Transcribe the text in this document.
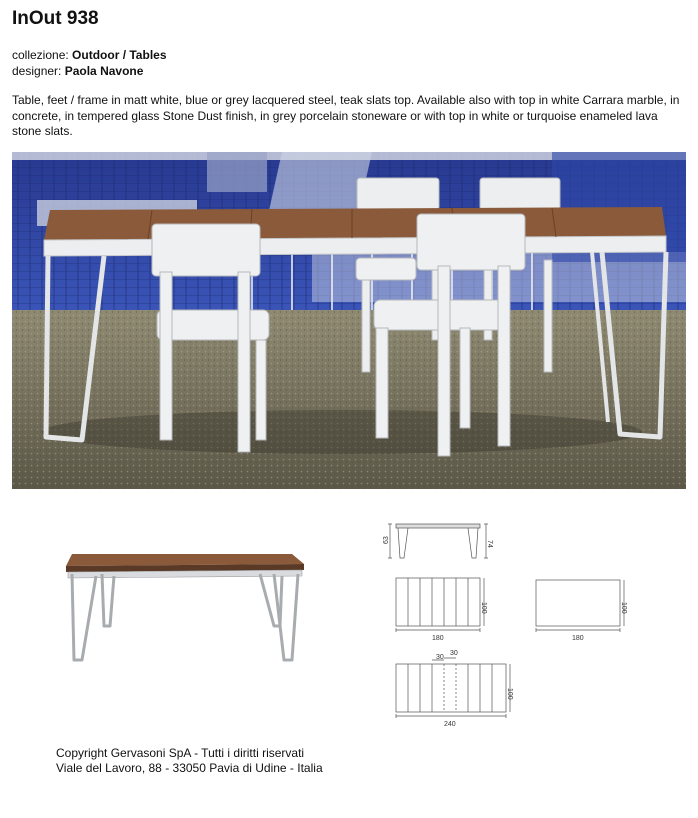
InOut 938
collezione: Outdoor / Tables
designer: Paola Navone

Table, feet / frame in matt white, blue or grey lacquered steel, teak slats top. Available also with top in white Carrara marble, in concrete, in tempered glass Stone Dust finish, in grey porcelain stoneware or with top in white or turquoise enameled lava stone slats.

63	74
100
180
100
180
30
30
100
240
Copyright Gervasoni SpA - Tutti i diritti riservati
Viale del Lavoro, 88 - 33050 Pavia di Udine - Italia
